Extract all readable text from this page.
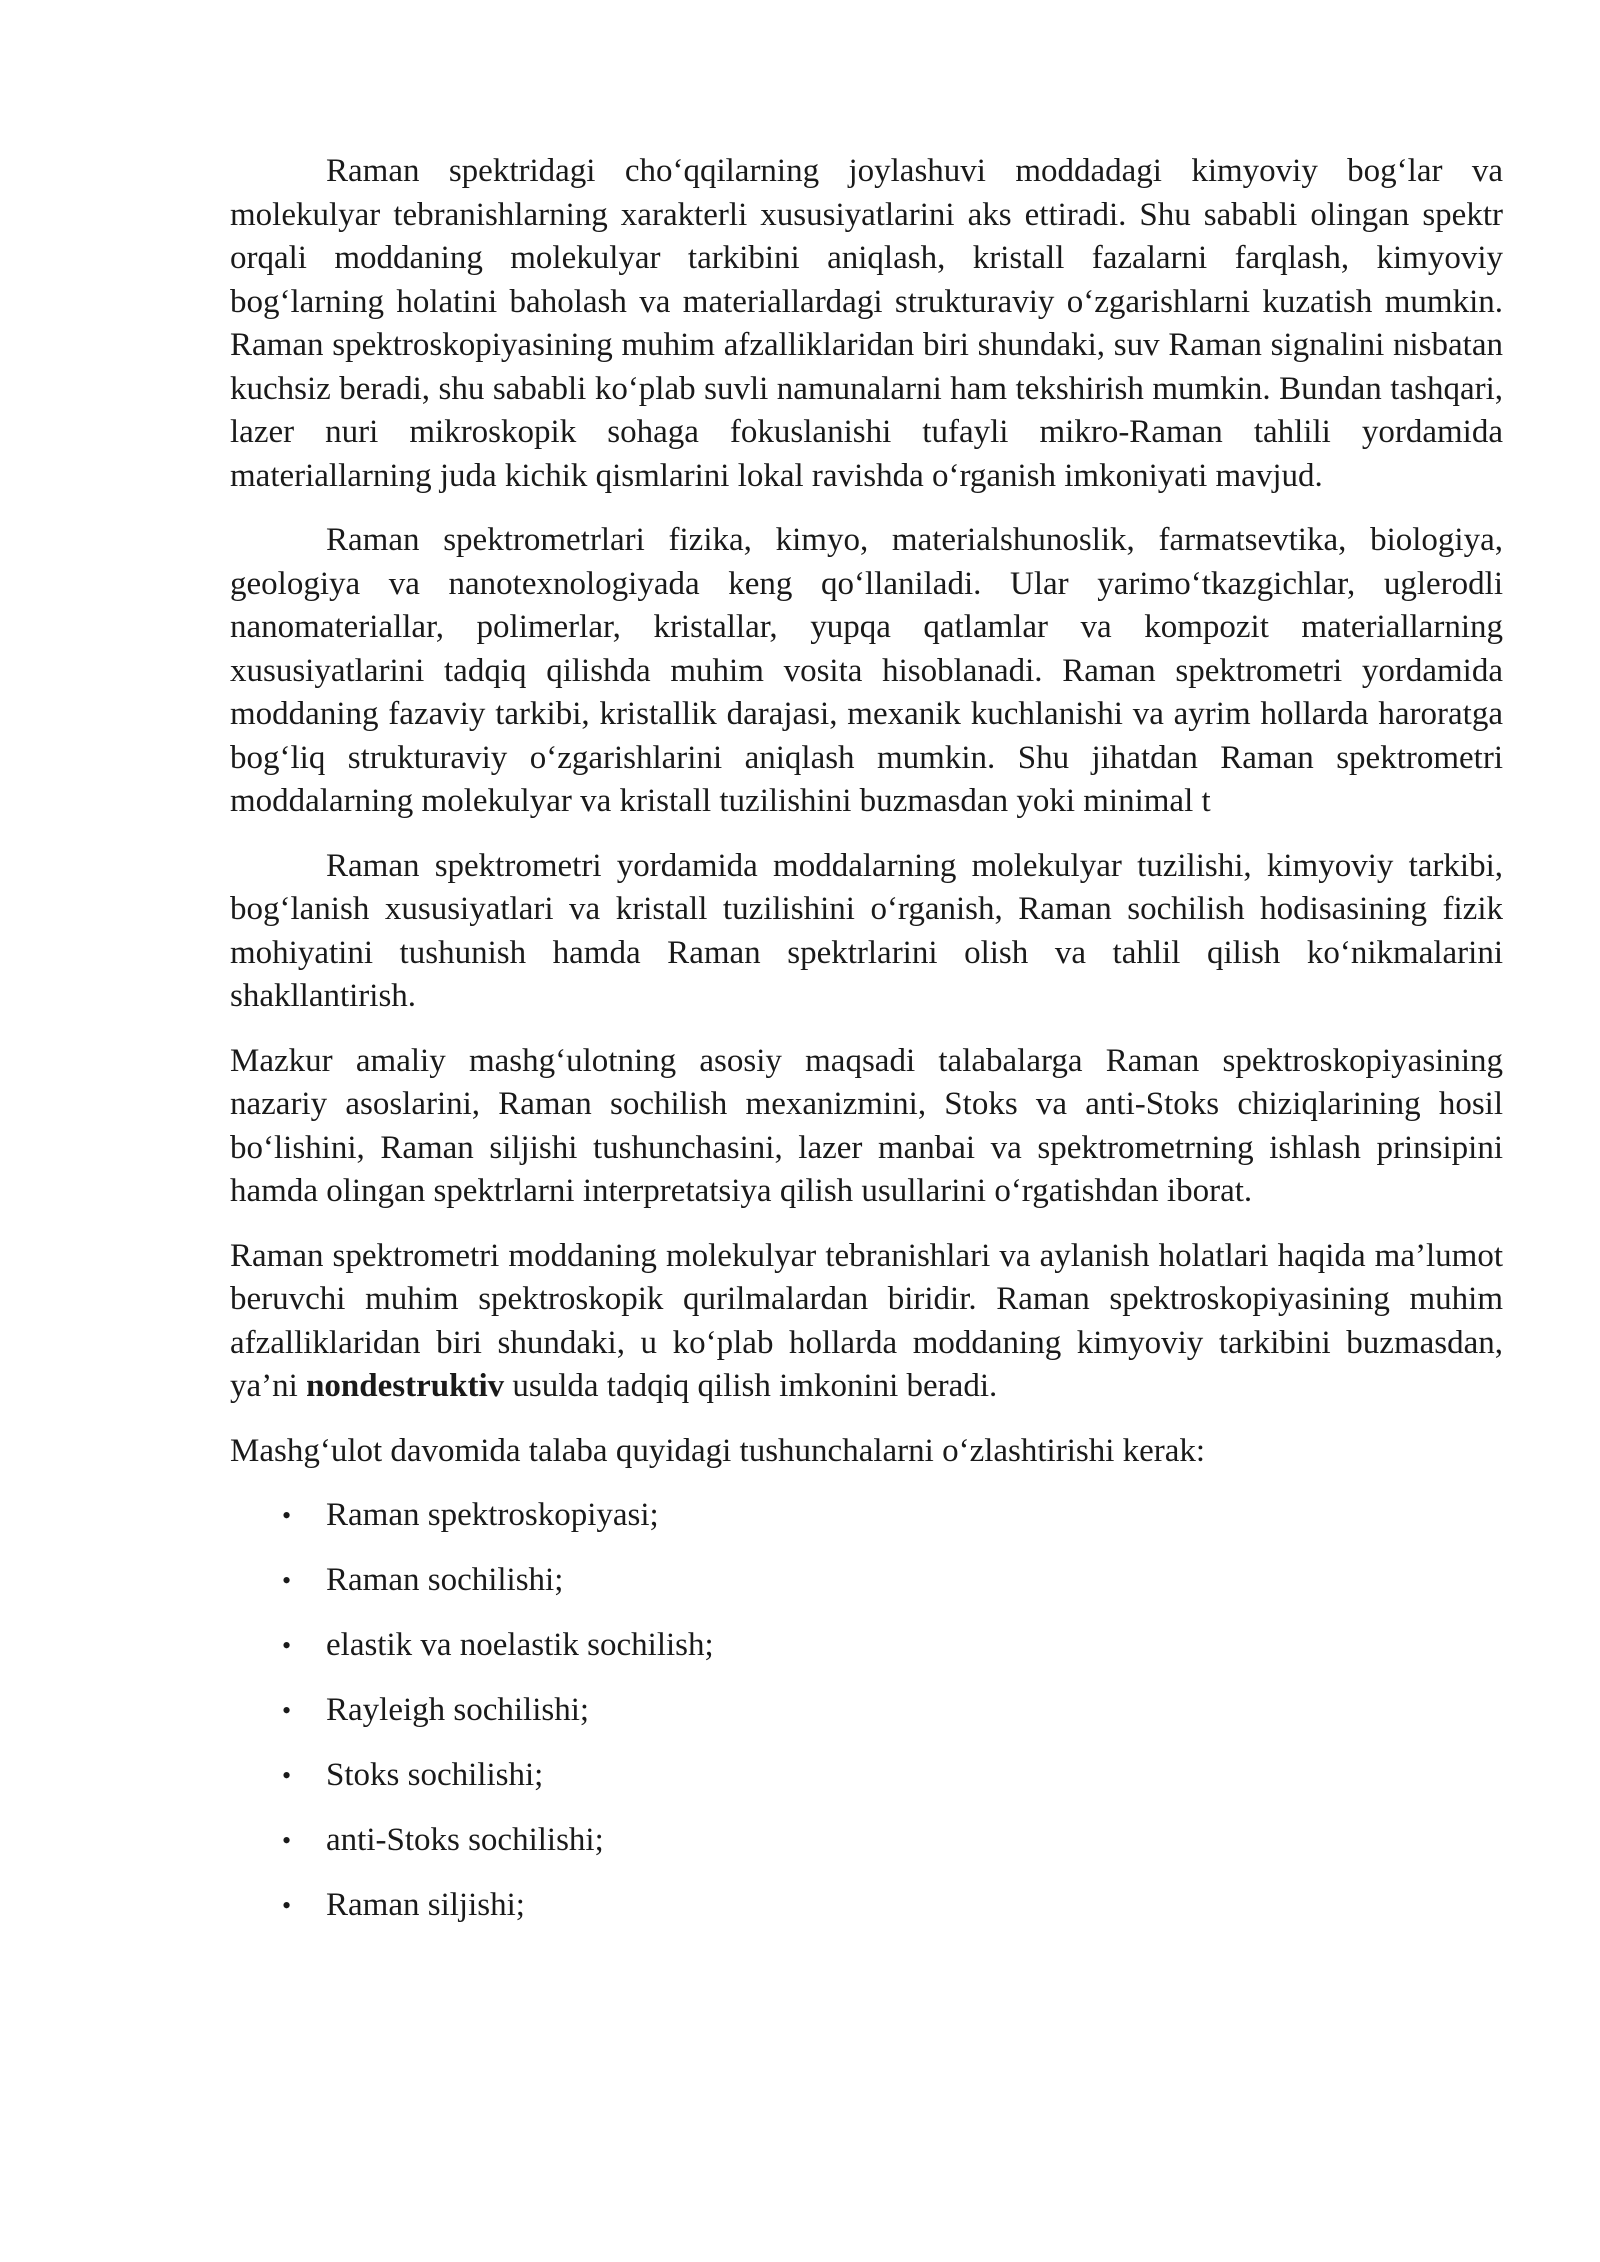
Raman spektridagi cho‘qqilarning joylashuvi moddadagi kimyoviy bog‘lar va molekulyar tebranishlarning xarakterli xususiyatlarini aks ettiradi. Shu sababli olingan spektr orqali moddaning molekulyar tarkibini aniqlash, kristall fazalarni farqlash, kimyoviy bog‘larning holatini baholash va materiallardagi strukturaviy o‘zgarishlarni kuzatish mumkin. Raman spektroskopiyasining muhim afzalliklaridan biri shundaki, suv Raman signalini nisbatan kuchsiz beradi, shu sababli ko‘plab suvli namunalarni ham tekshirish mumkin. Bundan tashqari, lazer nuri mikroskopik sohaga fokuslanishi tufayli mikro-Raman tahlili yordamida materiallarning juda kichik qismlarini lokal ravishda o‘rganish imkoniyati mavjud.

Raman spektrometrlari fizika, kimyo, materialshunoslik, farmatsevtika, biologiya, geologiya va nanotexnologiyada keng qo‘llaniladi. Ular yarimo‘tkazgichlar, uglerodli nanomateriallar, polimerlar, kristallar, yupqa qatlamlar va kompozit materiallarning xususiyatlarini tadqiq qilishda muhim vosita hisoblanadi. Raman spektrometri yordamida moddaning fazaviy tarkibi, kristallik darajasi, mexanik kuchlanishi va ayrim hollarda haroratga bog‘liq strukturaviy o‘zgarishlarini aniqlash mumkin. Shu jihatdan Raman spektrometri moddalarning molekulyar va kristall tuzilishini buzmasdan yoki minimal t

Raman spektrometri yordamida moddalarning molekulyar tuzilishi, kimyoviy tarkibi, bog‘lanish xususiyatlari va kristall tuzilishini o‘rganish, Raman sochilish hodisasining fizik mohiyatini tushunish hamda Raman spektrlarini olish va tahlil qilish ko‘nikmalarini shakllantirish.

Mazkur amaliy mashg‘ulotning asosiy maqsadi talabalarga Raman spektroskopiyasining nazariy asoslarini, Raman sochilish mexanizmini, Stoks va anti-Stoks chiziqlarining hosil bo‘lishini, Raman siljishi tushunchasini, lazer manbai va spektrometrning ishlash prinsipini hamda olingan spektrlarni interpretatsiya qilish usullarini o‘rgatishdan iborat.

Raman spektrometri moddaning molekulyar tebranishlari va aylanish holatlari haqida ma’lumot beruvchi muhim spektroskopik qurilmalardan biridir. Raman spektroskopiyasining muhim afzalliklaridan biri shundaki, u ko‘plab hollarda moddaning kimyoviy tarkibini buzmasdan, ya’ni nondestruktiv usulda tadqiq qilish imkonini beradi.

Mashg‘ulot davomida talaba quyidagi tushunchalarni o‘zlashtirishi kerak:

• Raman spektroskopiyasi;
• Raman sochilishi;
• elastik va noelastik sochilish;
• Rayleigh sochilishi;
• Stoks sochilishi;
• anti-Stoks sochilishi;
• Raman siljishi;
